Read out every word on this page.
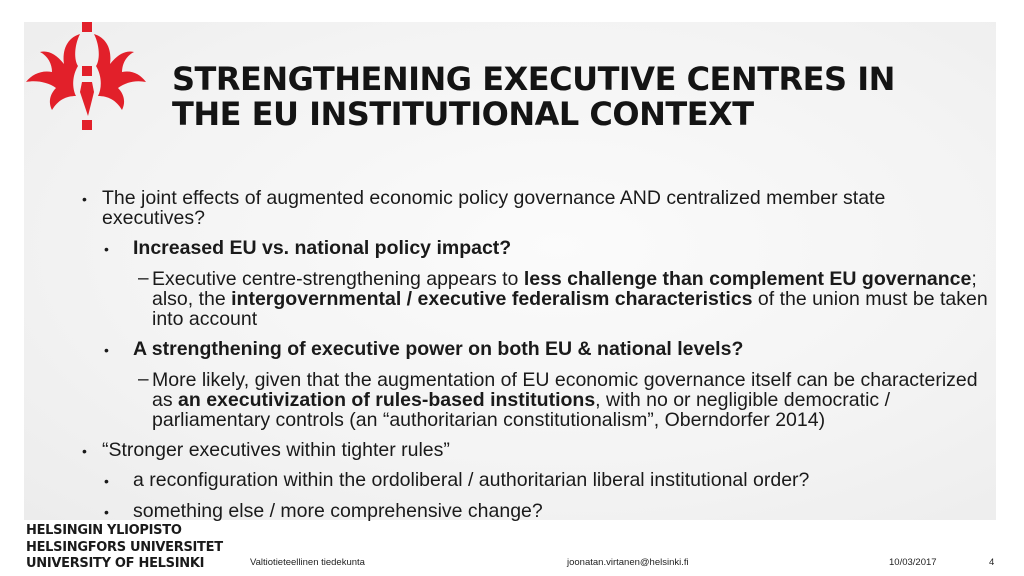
STRENGTHENING EXECUTIVE CENTRES IN
THE EU INSTITUTIONAL CONTEXT
• The joint effects of augmented economic policy governance AND centralized member state executives?
• Increased EU vs. national policy impact?
– Executive centre-strengthening appears to less challenge than complement EU governance; also, the intergovernmental / executive federalism characteristics of the union must be taken into account
• A strengthening of executive power on both EU & national levels?
– More likely, given that the augmentation of EU economic governance itself can be characterized as an executivization of rules-based institutions, with no or negligible democratic / parliamentary controls (an “authoritarian constitutionalism”, Oberndorfer 2014)
• “Stronger executives within tighter rules”
• a reconfiguration within the ordoliberal / authoritarian liberal institutional order?
• something else / more comprehensive change?
HELSINGIN YLIOPISTO
HELSINGFORS UNIVERSITET
UNIVERSITY OF HELSINKI	Valtiotieteellinen tiedekunta	joonatan.virtanen@helsinki.fi	10/03/2017	4
